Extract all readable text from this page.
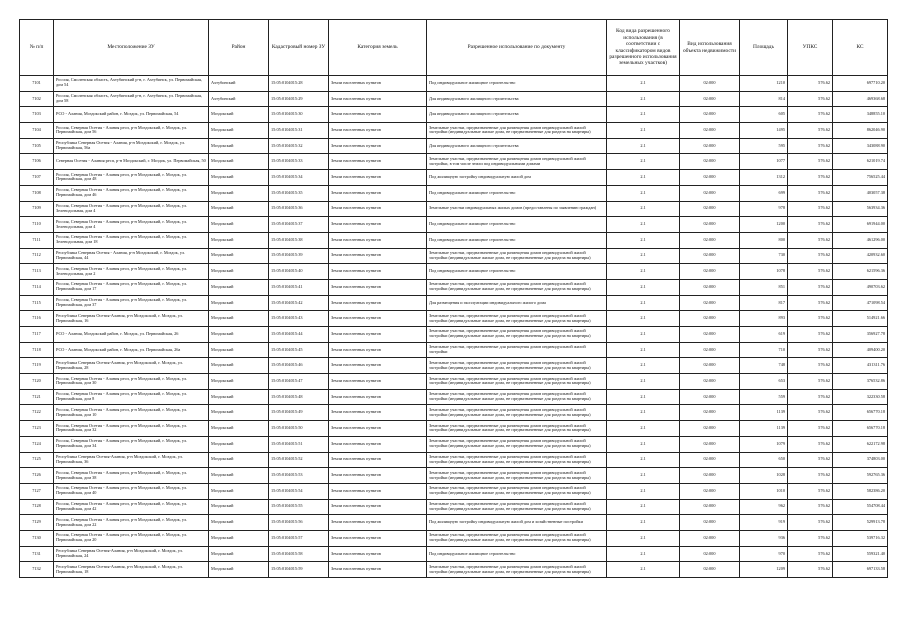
№ п/п	Местоположение ЗУ	Район	Кадастровый номер ЗУ	Категория земель	Разрешенное использование по документу	Код вида разрешенного использования (в соответствии с классификатором видов разрешенного использования земельных участков)	Вид использования объекта недвижимости	Площадь	УПКС	КС
7101	Россия, Смоленская область, Ахтубинский р-н, г. Ахтубинск, ул. Первомайская, дом 54	Ахтубинский	15:05:0104015:28	Земли населенных пунктов	Под индивидуальное жилищное строительство	2.1	02:000	1210	576.62	697710.20
7102	Россия, Смоленская область, Ахтубинский р-н, г. Ахтубинск, ул. Первомайская, дом 58	Ахтубинский	15:05:0104015:29	Земли населенных пунктов	Для индивидуального жилищного строительства	2.1	02:000	814	576.62	469368.68
7103	РСО - Алания, Моздокский район, г. Моздок, ул. Первомайская, 54	Моздокский	15:05:0104015:30	Земли населенных пунктов	Для индивидуального жилищного строительства	2.1	02:000	605	576.62	348855.10
7104	Россия, Северная Осетия - Алания респ, р-н Моздокский, г. Моздок, ул. Первомайская, дом 56	Моздокский	15:05:0104015:31	Земли населенных пунктов	Земельные участки, предназначенные для размещения домов индивидуальной жилой застройки (индивидуальные жилые дома, не предназначенные для раздела на квартиры)	2.1	02:000	1495	576.62	862046.90
7105	Республика Северная Осетия - Алания, р-н Моздокский, г. Моздок, ул. Первомайская, 56а	Моздокский	15:05:0104015:32	Земли населенных пунктов	Для индивидуального жилищного строительства	2.1	02:000	595	576.62	343088.90
7106	Северная Осетия - Алания респ, р-н Моздокский, г. Моздок, ул. Первомайская, 50	Моздокский	15:05:0104015:33	Земли населенных пунктов	Земельные участки, предназначенные для размещения домов индивидуальной жилой застройки, в том числе земли под индивидуальными домами	2.1	02:000	1077	576.62	621019.74
7107	Россия, Северная Осетия - Алания респ, р-н Моздокский, г. Моздок, ул. Первомайская, дом 48	Моздокский	15:05:0104015:34	Земли населенных пунктов	Под жилищную застройку индивидуальную жилой дом	2.1	02:000	1312	576.62	756525.44
7108	Россия, Северная Осетия - Алания респ, р-н Моздокский, г. Моздок, ул. Первомайская, дом 46	Моздокский	15:05:0104015:35	Земли населенных пунктов	Под индивидуальное жилищное строительство	2.1	02:000	699	576.62	403057.38
7109	Россия, Северная Осетия - Алания респ, р-н Моздокский, г. Моздок, ул. Зеленодольная, дом 4	Моздокский	15:05:0104015:36	Земли населенных пунктов	Земельные участки индивидуальных жилых домов (предоставлены по заявлению граждан)	2.1	02:000	978	576.62	563934.36
7110	Россия, Северная Осетия - Алания респ, р-н Моздокский, г. Моздок, ул. Зеленодольная, дом 4	Моздокский	15:05:0104015:37	Земли населенных пунктов	Под индивидуальное жилищное строительство	2.1	02:000	1200	576.62	691944.00
7111	Россия, Северная Осетия - Алания респ, р-н Моздокский, г. Моздок, ул. Зеленодольная, дом 18	Моздокский	15:05:0104015:38	Земли населенных пунктов	Под индивидуальное жилищное строительство	2.1	02:000	800	576.62	461296.00
7112	Республика Северная Осетия - Алания, р-н Моздокский, г. Моздок, ул. Первомайская, 44	Моздокский	15:05:0104015:39	Земли населенных пунктов	Земельные участки, предназначенные для размещения домов индивидуальной жилой застройки (индивидуальные жилые дома, не предназначенные для раздела на квартиры)	2.1	02:000	730	576.62	420932.60
7113	Россия, Северная Осетия - Алания респ, р-н Моздокский, г. Моздок, ул. Зеленодольная, дом 2	Моздокский	15:05:0104015:40	Земли населенных пунктов	Под индивидуальное жилищное строительство	2.1	02:000	1078	576.62	621596.36
7114	Россия, Северная Осетия - Алания респ, р-н Моздокский, г. Моздок, ул. Первомайская, дом 17	Моздокский	15:05:0104015:41	Земли населенных пунктов	Земельные участки, предназначенные для размещения домов индивидуальной жилой застройки (индивидуальные жилые дома, не предназначенные для раздела на квартиры)	2.1	02:000	851	576.62	490703.62
7115	Россия, Северная Осетия - Алания респ, р-н Моздокский, г. Моздок, ул. Первомайская, дом 37	Моздокский	15:05:0104015:42	Земли населенных пунктов	Для размещения и эксплуатации индивидуального жилого дома	2.1	02:000	817	576.62	471098.54
7116	Республика Северная Осетия-Алания, р-н Моздокский, г. Моздок, ул. Первомайская, 16	Моздокский	15:05:0104015:43	Земли населенных пунктов	Земельные участки, предназначенные для размещения домов индивидуальной жилой застройки (индивидуальные жилые дома, не предназначенные для раздела на квартиры)	2.1	02:000	893	576.62	514921.66
7117	РСО - Алания, Моздокский район, г. Моздок, ул. Первомайская, 26	Моздокский	15:05:0104015:44	Земли населенных пунктов	Земельные участки, предназначенные для размещения домов индивидуальной жилой застройки (индивидуальные жилые дома, не предназначенные для раздела на квартиры)	2.1	02:000	619	576.62	356927.78
7118	РСО - Алания, Моздокский район, г. Моздок, ул. Первомайская, 26а	Моздокский	15:05:0104015:45	Земли населенных пунктов	Земельные участки, предназначенные для размещения домов индивидуальной жилой застройки	2.1	02:000	710	576.62	409400.20
7119	Республика Северная Осетия-Алания, р-н Моздокский, г. Моздок, ул. Первомайская, 28	Моздокский	15:05:0104015:46	Земли населенных пунктов	Земельные участки, предназначенные для размещения домов индивидуальной жилой застройки (индивидуальные жилые дома, не предназначенные для раздела на квартиры)	2.1	02:000	748	576.62	431311.76
7120	Россия, Северная Осетия - Алания респ, р-н Моздокский, г. Моздок, ул. Первомайская, дом 30	Моздокский	15:05:0104015:47	Земли населенных пунктов	Земельные участки, предназначенные для размещения домов индивидуальной жилой застройки (индивидуальные жилые дома, не предназначенные для раздела на квартиры)	2.1	02:000	653	576.62	376532.86
7121	Россия, Северная Осетия - Алания респ, р-н Моздокский, г. Моздок, ул. Первомайская, дом 8	Моздокский	15:05:0104015:48	Земли населенных пунктов	Земельные участки, предназначенные для размещения домов индивидуальной жилой застройки (индивидуальные жилые дома, не предназначенные для раздела на квартиры)	2.1	02:000	559	576.62	322330.58
7122	Россия, Северная Осетия - Алания респ, р-н Моздокский, г. Моздок, ул. Первомайская, дом 10	Моздокский	15:05:0104015:49	Земли населенных пунктов	Земельные участки, предназначенные для размещения домов индивидуальной жилой застройки (индивидуальные жилые дома, не предназначенные для раздела на квартиры)	2.1	02:000	1139	576.62	656770.18
7123	Россия, Северная Осетия - Алания респ, р-н Моздокский, г. Моздок, ул. Первомайская, дом 32	Моздокский	15:05:0104015:50	Земли населенных пунктов	Земельные участки, предназначенные для размещения домов индивидуальной жилой застройки (индивидуальные жилые дома, не предназначенные для раздела на квартиры)	2.1	02:000	1139	576.62	656770.18
7124	Россия, Северная Осетия - Алания респ, р-н Моздокский, г. Моздок, ул. Первомайская, дом 34	Моздокский	15:05:0104015:51	Земли населенных пунктов	Земельные участки, предназначенные для размещения домов индивидуальной жилой застройки (индивидуальные жилые дома, не предназначенные для раздела на квартиры)	2.1	02:000	1079	576.62	622172.98
7125	Республика Северная Осетия-Алания, р-н Моздокский, г. Моздок, ул. Первомайская, 36	Моздокский	15:05:0104015:52	Земли населенных пунктов	Земельные участки, предназначенные для размещения домов индивидуальной жилой застройки (индивидуальные жилые дома, не предназначенные для раздела на квартиры)	2.1	02:000	650	576.62	374803.00
7126	Россия, Северная Осетия - Алания респ, р-н Моздокский, г. Моздок, ул. Первомайская, дом 38	Моздокский	15:05:0104015:53	Земли населенных пунктов	Земельные участки, предназначенные для размещения домов индивидуальной жилой застройки (индивидуальные жилые дома, не предназначенные для раздела на квартиры)	2.1	02:000	1028	576.62	592765.36
7127	Россия, Северная Осетия - Алания респ, р-н Моздокский, г. Моздок, ул. Первомайская, дом 40	Моздокский	15:05:0104015:54	Земли населенных пунктов	Земельные участки, предназначенные для размещения домов индивидуальной жилой застройки (индивидуальные жилые дома, не предназначенные для раздела на квартиры)	2.1	02:000	1010	576.62	582386.20
7128	Россия, Северная Осетия - Алания респ, р-н Моздокский, г. Моздок, ул. Первомайская, дом 42	Моздокский	15:05:0104015:55	Земли населенных пунктов	Земельные участки, предназначенные для размещения домов индивидуальной жилой застройки (индивидуальные жилые дома, не предназначенные для раздела на квартиры)	2.1	02:000	962	576.62	554708.44
7129	Россия, Северная Осетия - Алания респ, р-н Моздокский, г. Моздок, ул. Первомайская, дом 22	Моздокский	15:05:0104015:56	Земли населенных пунктов	Под жилищную застройку индивидуальную жилой дом и хозяйственные постройки	2.1	02:000	919	576.62	529913.78
7130	Россия, Северная Осетия - Алания респ, р-н Моздокский, г. Моздок, ул. Первомайская, дом 20	Моздокский	15:05:0104015:57	Земли населенных пунктов	Земельные участки, предназначенные для размещения домов индивидуальной жилой застройки (индивидуальные жилые дома, не предназначенные для раздела на квартиры)	2.1	02:000	936	576.62	539716.32
7131	Республика Северная Осетия-Алания, р-н Моздокский, г. Моздок, ул. Первомайская, 24	Моздокский	15:05:0104015:58	Земли населенных пунктов	Под индивидуальное жилищное строительство	2.1	02:000	970	576.62	559321.40
7132	Республика Северная Осетия-Алания, р-н Моздокский, г. Моздок, ул. Первомайская, 18	Моздокский	15:05:0104015:59	Земли населенных пунктов	Земельные участки, предназначенные для размещения домов индивидуальной жилой застройки (индивидуальные жилые дома, не предназначенные для раздела на квартиры)	2.1	02:000	1209	576.62	697133.58
